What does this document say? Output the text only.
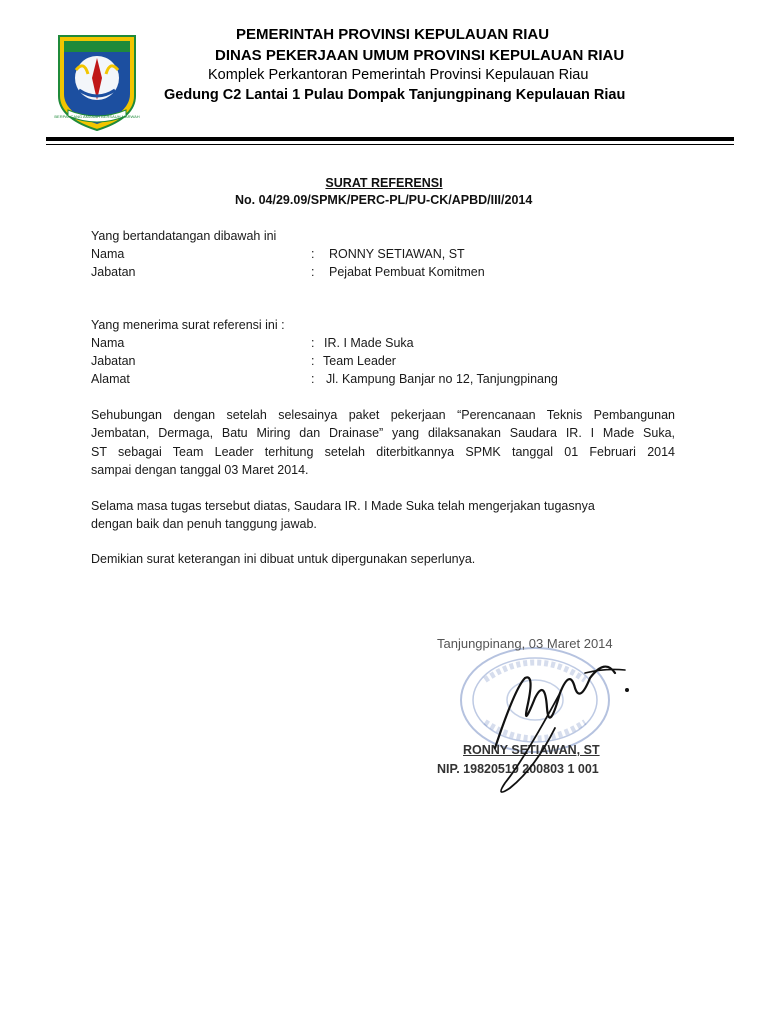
BERPANCANG AMANAH BERSAUH MARWAH
PEMERINTAH PROVINSI KEPULAUAN RIAU
DINAS PEKERJAAN UMUM PROVINSI KEPULAUAN RIAU
Komplek Perkantoran Pemerintah Provinsi Kepulauan Riau
Gedung C2 Lantai 1 Pulau Dompak Tanjungpinang Kepulauan Riau
SURAT REFERENSI
No. 04/29.09/SPMK/PERC-PL/PU-CK/APBD/III/2014
Yang bertandatangan dibawah ini
Nama	: RONNY SETIAWAN, ST
Jabatan	: Pejabat Pembuat Komitmen
Yang menerima surat referensi ini :
Nama	: IR. I Made Suka
Jabatan	: Team Leader
Alamat	: Jl. Kampung Banjar no 12, Tanjungpinang
Sehubungan dengan setelah selesainya paket pekerjaan “Perencanaan Teknis Pembangunan
Jembatan, Dermaga, Batu Miring dan Drainase” yang dilaksanakan Saudara IR. I Made Suka,
ST sebagai Team Leader terhitung setelah diterbitkannya SPMK tanggal 01 Februari 2014
sampai dengan tanggal 03 Maret 2014.
Selama masa tugas tersebut diatas, Saudara IR. I Made Suka telah mengerjakan tugasnya
dengan baik dan penuh tanggung jawab.
Demikian surat keterangan ini dibuat untuk dipergunakan seperlunya.
Tanjungpinang, 03 Maret 2014
RONNY SETIAWAN, ST
NIP. 19820519 200803 1 001
